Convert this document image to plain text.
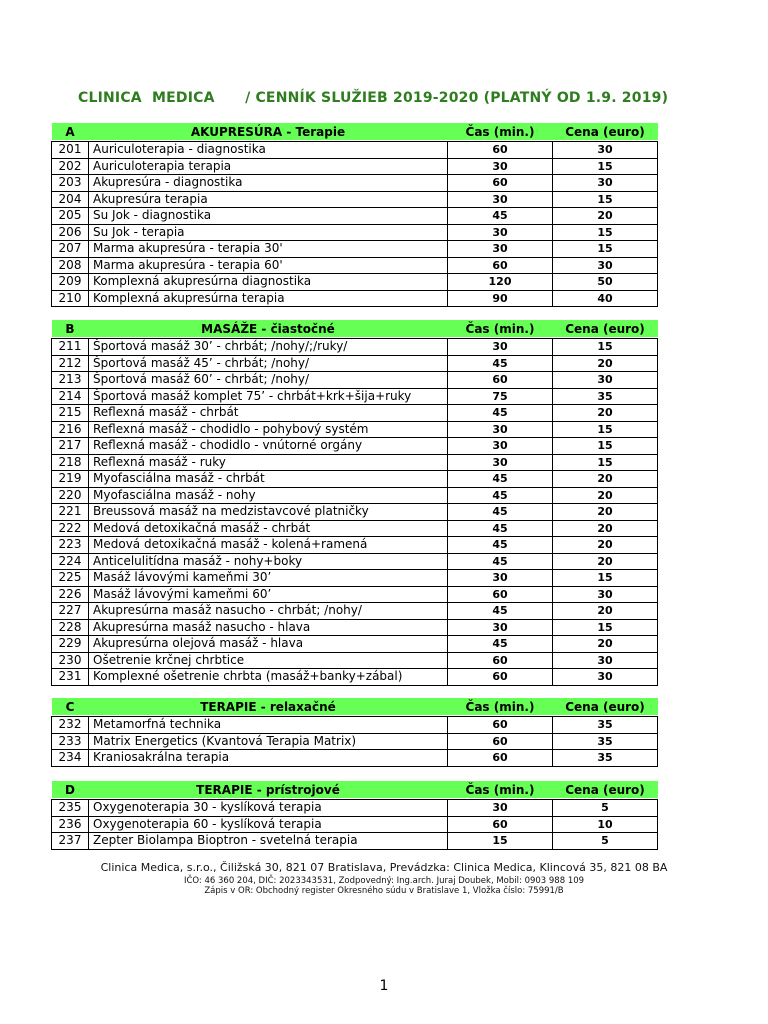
CLINICA  MEDICA      / CENNÍK SLUŽIEB 2019-2020 (PLATNÝ OD 1.9. 2019)
A	AKUPRESÚRA - Terapie	Čas (min.)	Cena (euro)

201	Auriculoterapia - diagnostika	60	30
202	Auriculoterapia terapia	30	15
203	Akupresúra - diagnostika	60	30
204	Akupresúra terapia	30	15
205	Su Jok - diagnostika	45	20
206	Su Jok - terapia	30	15
207	Marma akupresúra - terapia 30'	30	15
208	Marma akupresúra - terapia 60'	60	30
209	Komplexná akupresúrna diagnostika	120	50
210	Komplexná akupresúrna terapia	90	40
B	MASÁŽE - čiastočné	Čas (min.)	Cena (euro)

211	Športová masáž 30’ - chrbát; /nohy/;/ruky/	30	15
212	Športová masáž 45’ - chrbát; /nohy/	45	20
213	Športová masáž 60’ - chrbát; /nohy/	60	30
214	Športová masáž komplet 75’ - chrbát+krk+šija+ruky	75	35
215	Reflexná masáž - chrbát	45	20
216	Reflexná masáž - chodidlo - pohybový systém	30	15
217	Reflexná masáž - chodidlo - vnútorné orgány	30	15
218	Reflexná masáž - ruky	30	15
219	Myofasciálna masáž - chrbát	45	20
220	Myofasciálna masáž - nohy	45	20
221	Breussová masáž na medzistavcové platničky	45	20
222	Medová detoxikačná masáž - chrbát	45	20
223	Medová detoxikačná masáž - kolená+ramená	45	20
224	Anticelulitídna masáž - nohy+boky	45	20
225	Masáž lávovými kameňmi 30’	30	15
226	Masáž lávovými kameňmi 60’	60	30
227	Akupresúrna masáž nasucho - chrbát; /nohy/	45	20
228	Akupresúrna masáž nasucho - hlava	30	15
229	Akupresúrna olejová masáž - hlava	45	20
230	Ošetrenie krčnej chrbtice	60	30
231	Komplexné ošetrenie chrbta (masáž+banky+zábal)	60	30
C	TERAPIE - relaxačné	Čas (min.)	Cena (euro)

232	Metamorfná technika	60	35
233	Matrix Energetics (Kvantová Terapia Matrix)	60	35
234	Kraniosakrálna terapia	60	35
D	TERAPIE - prístrojové	Čas (min.)	Cena (euro)

235	Oxygenoterapia 30 - kyslíková terapia	30	5
236	Oxygenoterapia 60 - kyslíková terapia	60	10
237	Zepter Biolampa Bioptron - svetelná terapia	15	5
Clinica Medica, s.r.o., Čiližská 30, 821 07 Bratislava, Prevádzka: Clinica Medica, Klincová 35, 821 08 BA
IČO: 46 360 204, DIČ: 2023343531, Zodpovedný: Ing.arch. Juraj Doubek, Mobil: 0903 988 109
Zápis v OR: Obchodný register Okresného súdu v Bratislave 1, Vložka číslo: 75991/B
1
